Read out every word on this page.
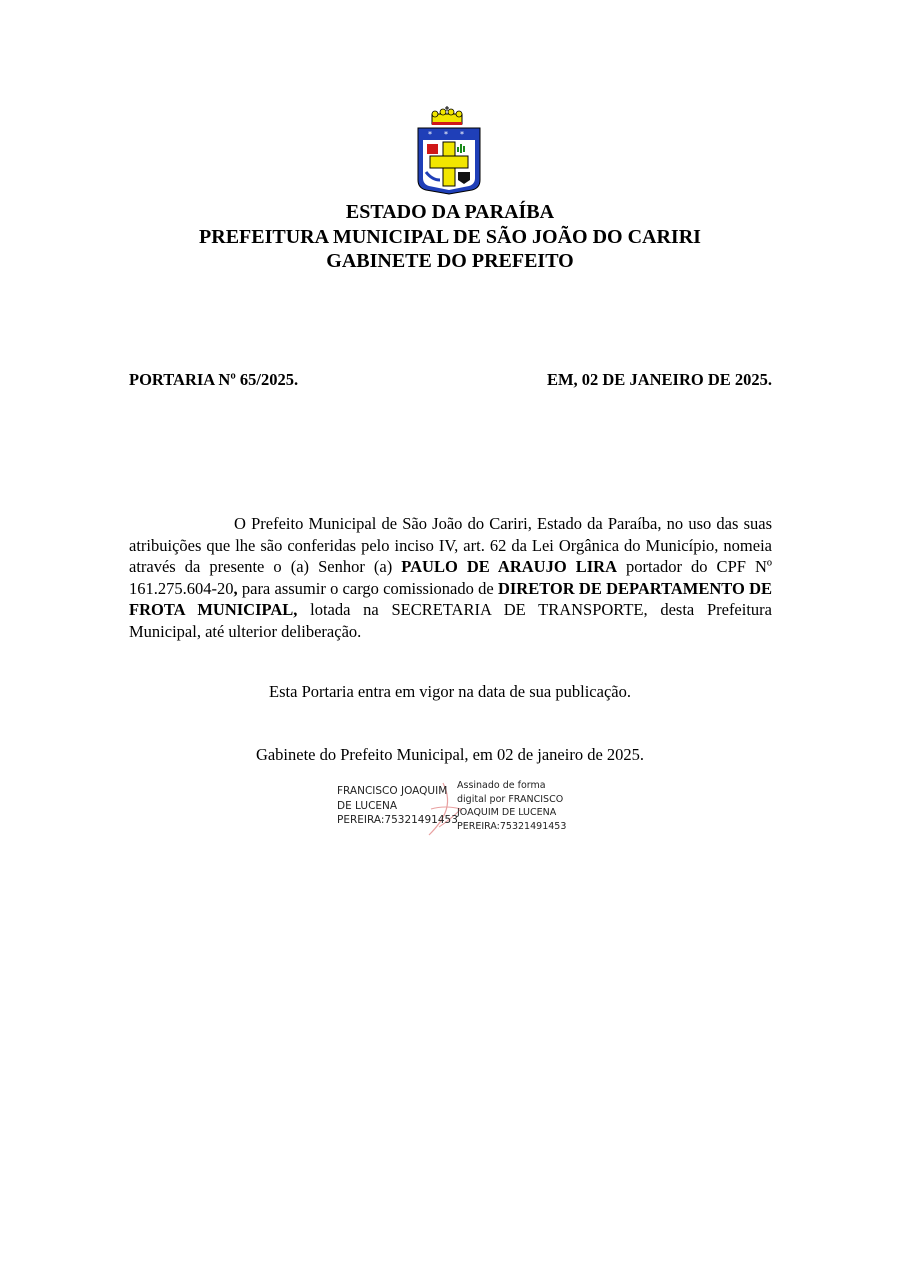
* * *
ESTADO DA PARAÍBA
PREFEITURA MUNICIPAL DE SÃO JOÃO DO CARIRI
GABINETE DO PREFEITO
PORTARIA Nº 65/2025.	EM, 02 DE JANEIRO DE 2025.

O Prefeito Municipal de São João do Cariri, Estado da Paraíba, no uso das suas atribuições que lhe são conferidas pelo inciso IV, art. 62 da Lei Orgânica do Município, nomeia através da presente o (a) Senhor (a) PAULO DE ARAUJO LIRA portador do CPF Nº 161.275.604-20, para assumir o cargo comissionado de DIRETOR DE DEPARTAMENTO DE FROTA MUNICIPAL, lotada na SECRETARIA DE TRANSPORTE, desta Prefeitura Municipal, até ulterior deliberação.

Esta Portaria entra em vigor na data de sua publicação.
Gabinete do Prefeito Municipal, em 02 de janeiro de 2025.
FRANCISCO JOAQUIM
DE LUCENA
PEREIRA:75321491453
Assinado de forma
digital por FRANCISCO
JOAQUIM DE LUCENA
PEREIRA:75321491453
